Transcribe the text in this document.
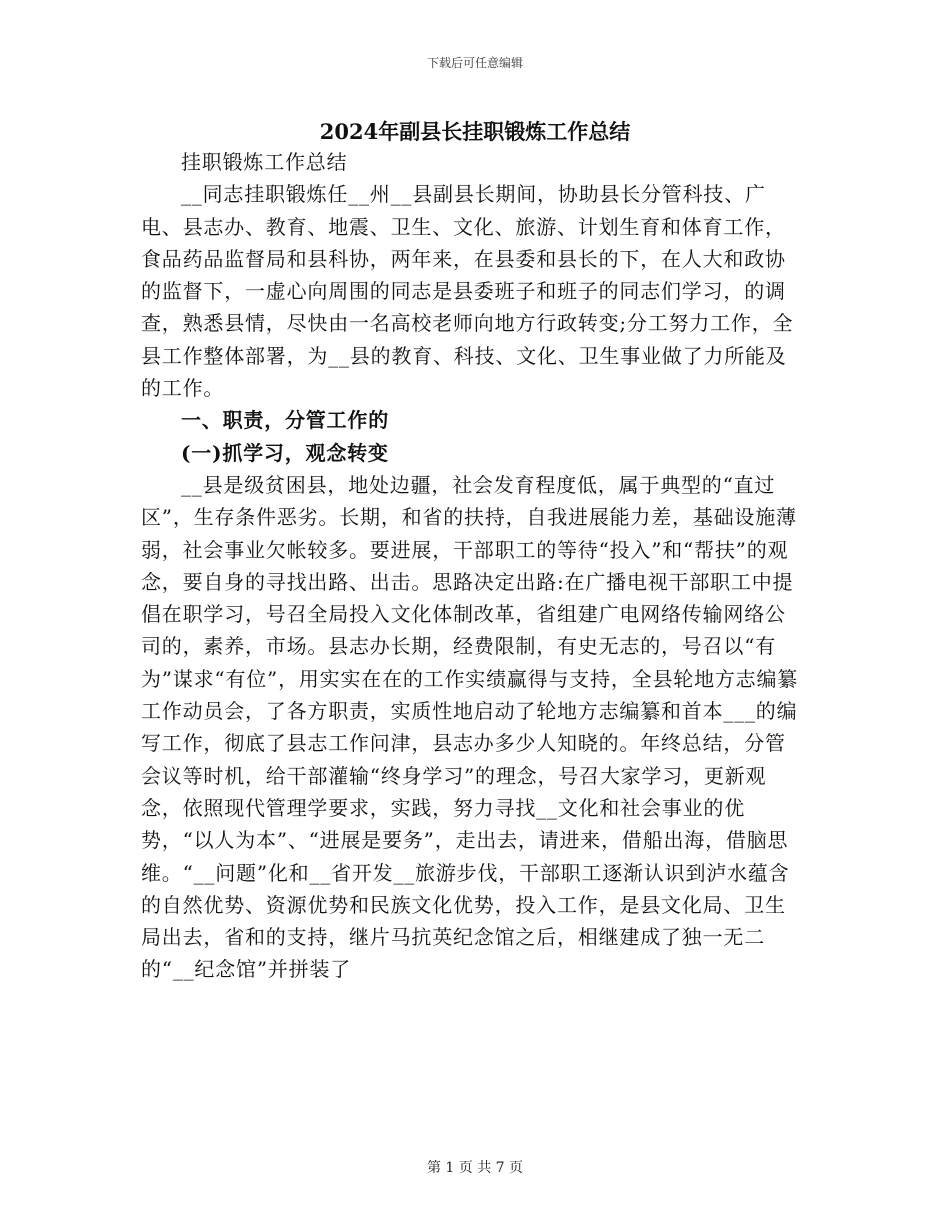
下载后可任意编辑
2024年副县长挂职锻炼工作总结

挂职锻炼工作总结

__同志挂职锻炼任__州__县副县长期间，协助县长分管科技、广电、县志办、教育、地震、卫生、文化、旅游、计划生育和体育工作，食品药品监督局和县科协，两年来，在县委和县长的下，在人大和政协的监督下，一虚心向周围的同志是县委班子和班子的同志们学习，的调查，熟悉县情，尽快由一名高校老师向地方行政转变;分工努力工作，全县工作整体部署，为__县的教育、科技、文化、卫生事业做了力所能及的工作。

一、职责，分管工作的

(一)抓学习，观念转变

__县是级贫困县，地处边疆，社会发育程度低，属于典型的“直过区”，生存条件恶劣。长期，和省的扶持，自我进展能力差，基础设施薄弱，社会事业欠帐较多。要进展，干部职工的等待“投入”和“帮扶”的观念，要自身的寻找出路、出击。思路决定出路:在广播电视干部职工中提倡在职学习，号召全局投入文化体制改革，省组建广电网络传输网络公司的，素养，市场。县志办长期，经费限制，有史无志的，号召以“有为”谋求“有位”，用实实在在的工作实绩赢得与支持，全县轮地方志编纂工作动员会，了各方职责，实质性地启动了轮地方志编纂和首本___的编写工作，彻底了县志工作问津，县志办多少人知晓的。年终总结，分管会议等时机，给干部灌输“终身学习”的理念，号召大家学习，更新观念，依照现代管理学要求，实践，努力寻找__文化和社会事业的优势，“以人为本”、“进展是要务”，走出去，请进来，借船出海，借脑思维。“__问题”化和__省开发__旅游步伐，干部职工逐渐认识到泸水蕴含的自然优势、资源优势和民族文化优势，投入工作，是县文化局、卫生局出去，省和的支持，继片马抗英纪念馆之后，相继建成了独一无二的“__纪念馆”并拼装了

第 1 页 共 7 页
